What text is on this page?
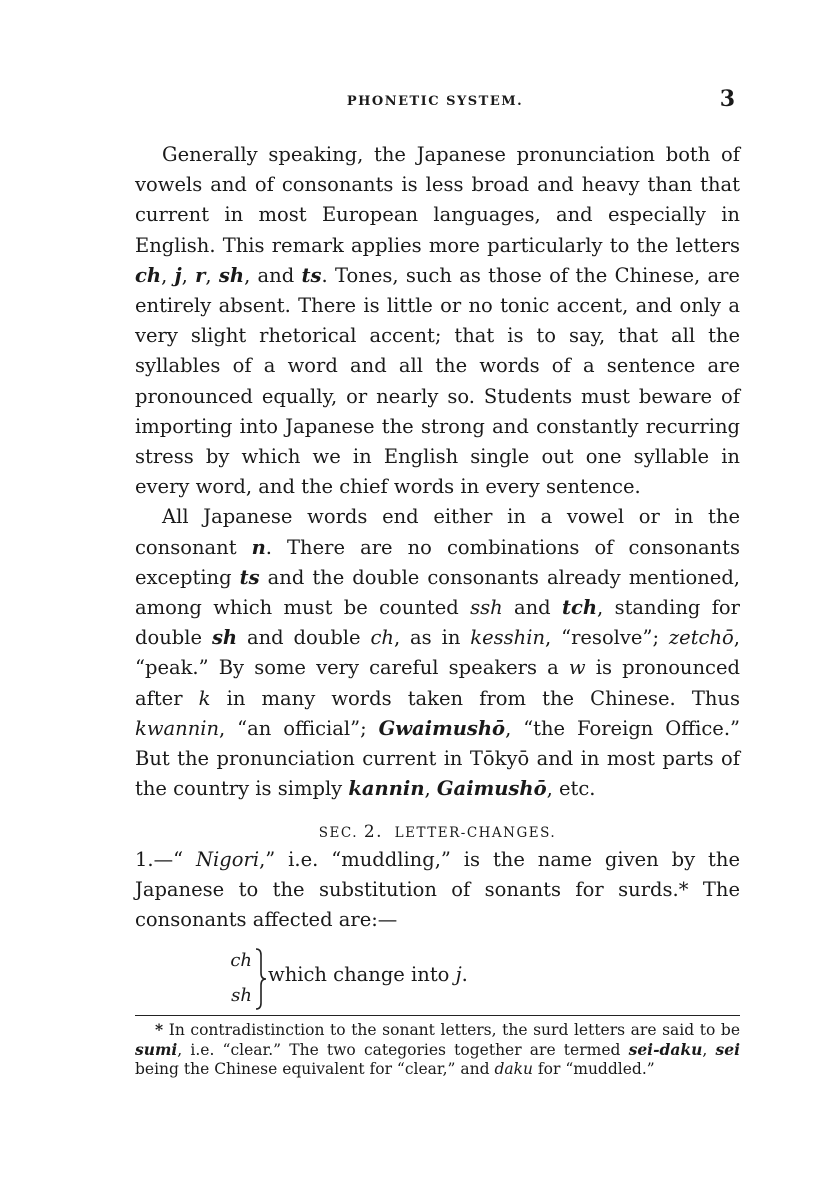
PHONETIC SYSTEM.	3

Generally speaking, the Japanese pronunciation both of vowels and of consonants is less broad and heavy than that current in most European languages, and especially in English. This remark applies more particularly to the letters ch, j, r, sh, and ts. Tones, such as those of the Chinese, are entirely absent. There is little or no tonic accent, and only a very slight rhetorical accent; that is to say, that all the syllables of a word and all the words of a sentence are pronounced equally, or nearly so. Students must beware of importing into Japanese the strong and constantly recurring stress by which we in English single out one syllable in every word, and the chief words in every sentence.

All Japanese words end either in a vowel or in the consonant n. There are no combinations of consonants excepting ts and the double consonants already mentioned, among which must be counted ssh and tch, standing for double sh and double ch, as in kesshin, “resolve”; zetchō, “peak.” By some very careful speakers a w is pronounced after k in many words taken from the Chinese. Thus kwannin, “an official”; Gwaimushō, “the Foreign Office.” But the pronunciation current in Tōkyō and in most parts of the country is simply kannin, Gaimushō, etc.

SEC. 2. LETTER-CHANGES.

1.—“ Nigori,” i.e. “muddling,” is the name given by the Japanese to the substitution of sonants for surds.* The consonants affected are:—

ch
sh
which change into j.

* In contradistinction to the sonant letters, the surd letters are said to be sumi, i.e. “clear.” The two categories together are termed sei-daku, sei being the Chinese equivalent for “clear,” and daku for “muddled.”
